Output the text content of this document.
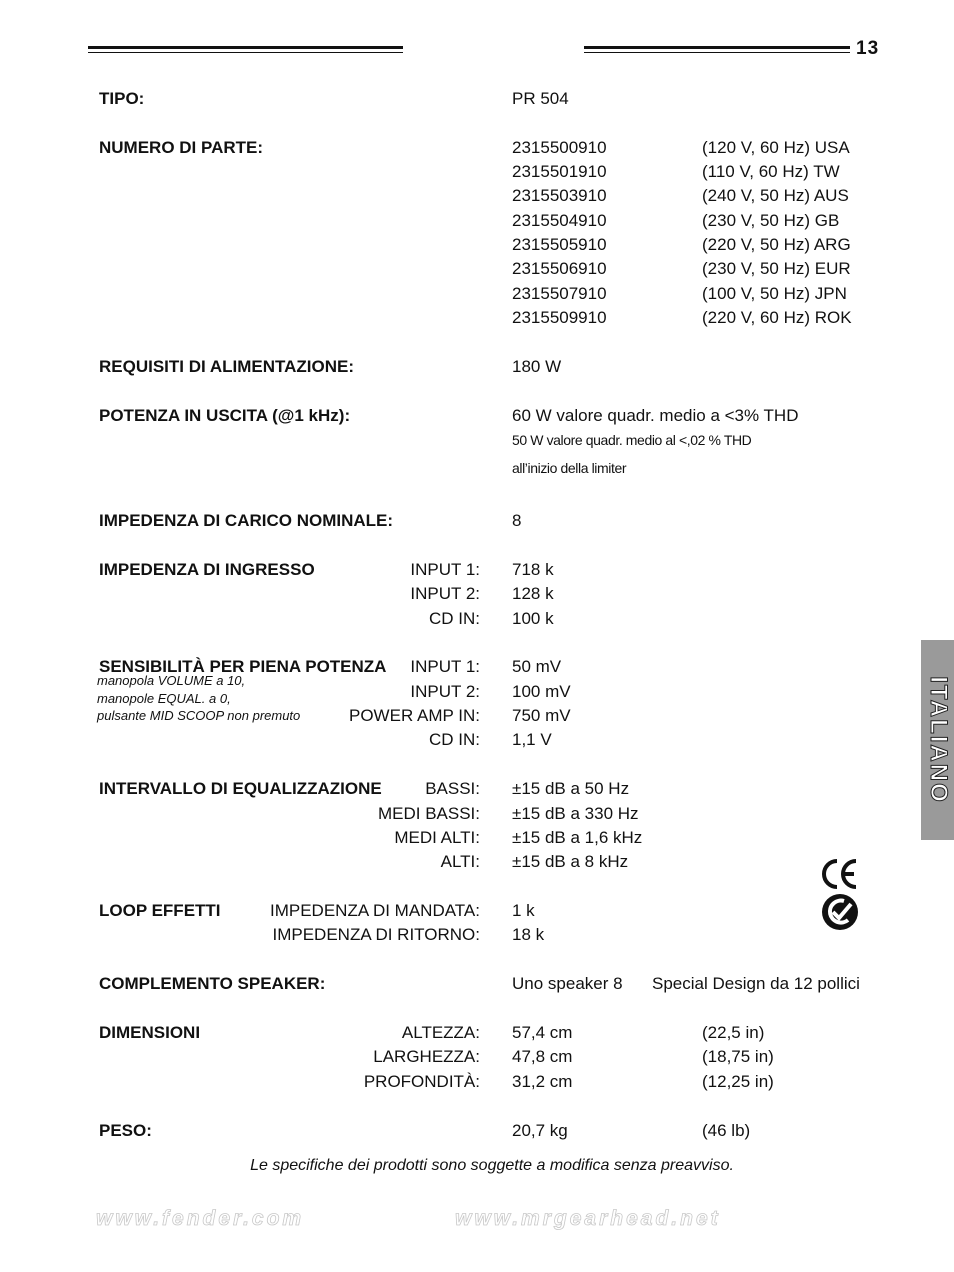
13
TIPO:	PR 504
NUMERO DI PARTE:	2315500910	(120 V, 60 Hz) USA
2315501910	(110 V, 60 Hz) TW
2315503910	(240 V, 50 Hz) AUS
2315504910	(230 V, 50 Hz) GB
2315505910	(220 V, 50 Hz) ARG
2315506910	(230 V, 50 Hz) EUR
2315507910	(100 V, 50 Hz) JPN
2315509910	(220 V, 60 Hz) ROK
REQUISITI DI ALIMENTAZIONE:	180 W
POTENZA IN USCITA (@1 kHz):	60 W valore quadr. medio a <3% THD
50 W valore quadr. medio al <,02 % THD
all’inizio della limiter
IMPEDENZA DI CARICO NOMINALE:	8
IMPEDENZA DI INGRESSO	INPUT 1: 718 k
INPUT 2: 128 k
CD IN: 100 k
SENSIBILITÀ PER PIENA POTENZA
manopola VOLUME a 10,
manopole EQUAL. a 0,
pulsante MID SCOOP non premuto
INPUT 1: 50 mV
INPUT 2: 100 mV
POWER AMP IN: 750 mV
CD IN: 1,1 V
INTERVALLO DI EQUALIZZAZIONE	BASSI: ±15 dB a 50 Hz
MEDI BASSI: ±15 dB a 330 Hz
MEDI ALTI: ±15 dB a 1,6 kHz
ALTI: ±15 dB a 8 kHz
LOOP EFFETTI	IMPEDENZA DI MANDATA: 1 k
IMPEDENZA DI RITORNO: 18 k
COMPLEMENTO SPEAKER:	Uno speaker 8 Special Design da 12 pollici
DIMENSIONI	ALTEZZA: 57,4 cm	(22,5 in)
LARGHEZZA: 47,8 cm	(18,75 in)
PROFONDITÀ: 31,2 cm	(12,25 in)
PESO:	20,7 kg	(46 lb)
Le specifiche dei prodotti sono soggette a modifica senza preavviso.
ITALIANO
www.fender.com	www.mrgearhead.net
